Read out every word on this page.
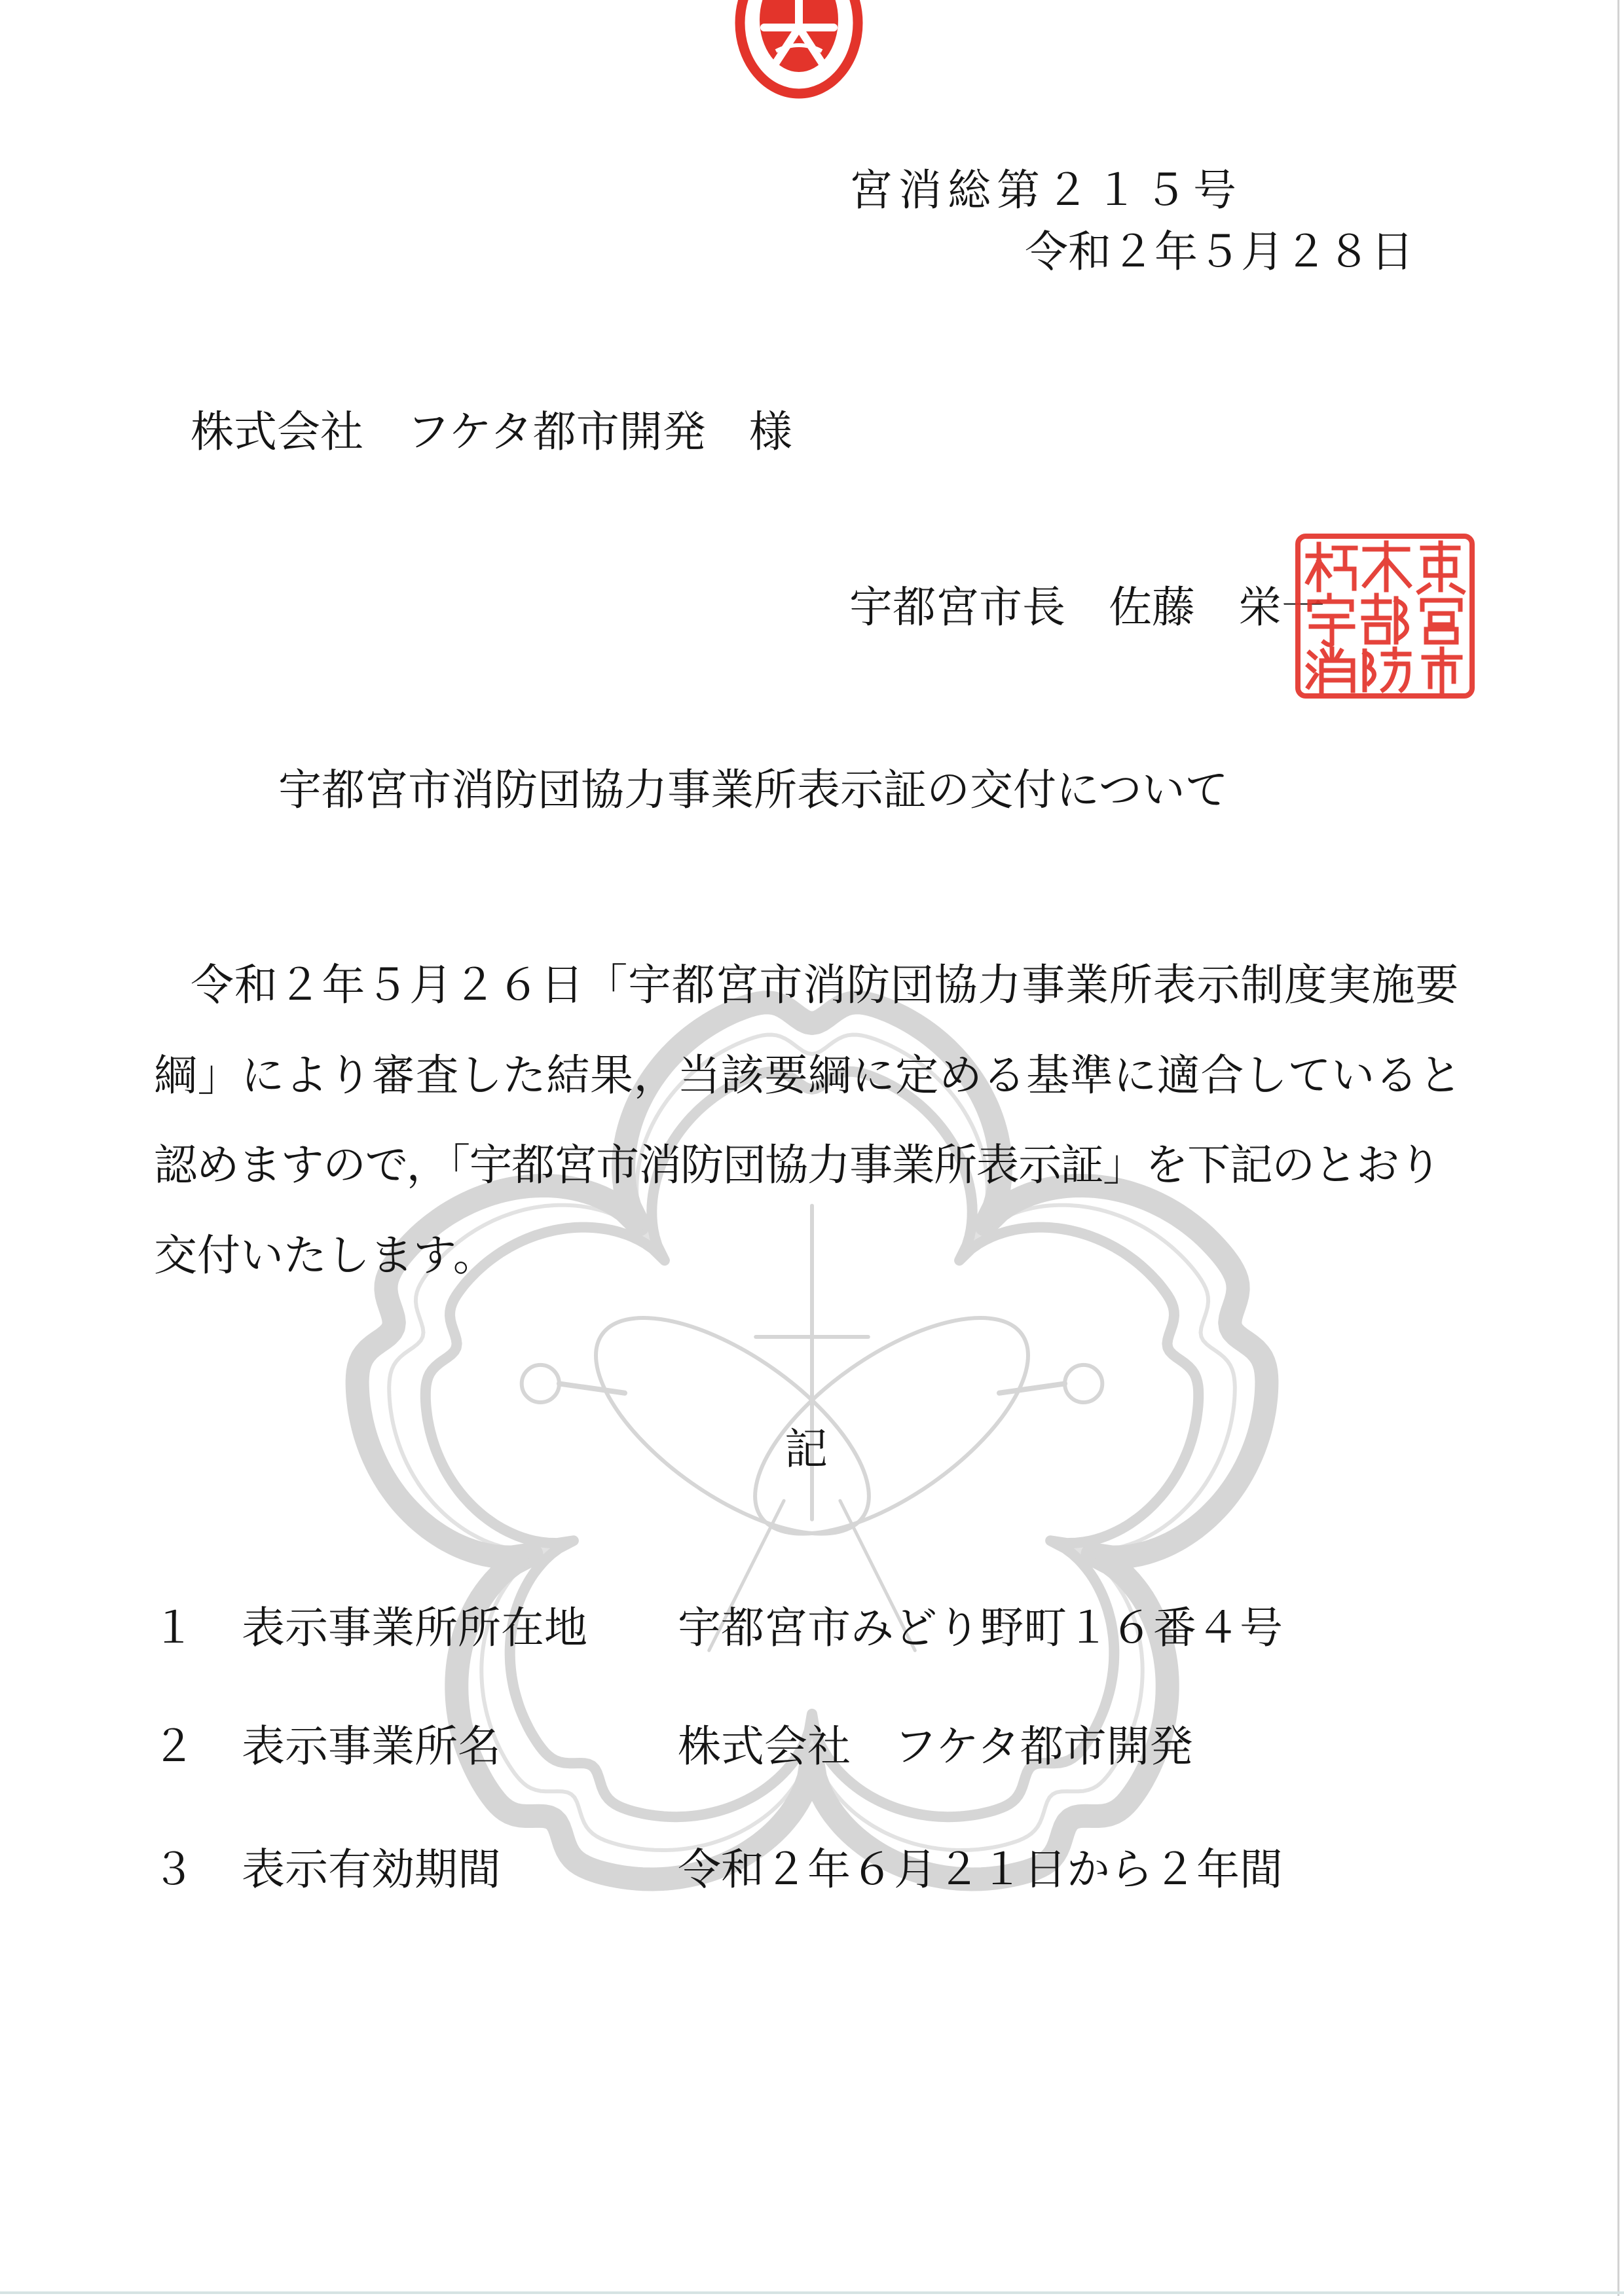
宮消総第２１５号
令和２年５月２８日
株式会社　フケタ都市開発　様
宇都宮市長　佐藤　栄一
宇都宮市消防団協力事業所表示証の交付について
令和２年５月２６日「宇都宮市消防団協力事業所表示制度実施要
綱」により審査した結果，当該要綱に定める基準に適合していると
認めますので，「宇都宮市消防団協力事業所表示証」を下記のとおり
交付いたします。
記
１ 表示事業所所在地 宇都宮市みどり野町１６番４号
２ 表示事業所名	株式会社　フケタ都市開発
３ 表示有効期間	令和２年６月２１日から２年間
